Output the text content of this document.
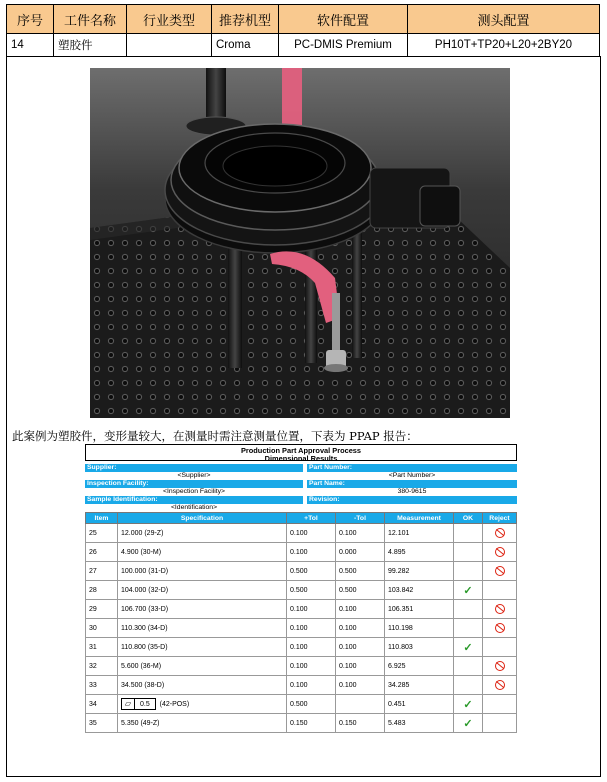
序号	工件名称	行业类型	推荐机型	软件配置	测头配置
14	塑胶件		Croma	PC-DMIS Premium	PH10T+TP20+L20+2BY20
此案例为塑胶件，变形量较大，在测量时需注意测量位置，下表为 PPAP 报告：
Production Part Approval Process
Dimensional Results

Supplier:		Part Number:
<Supplier>		<Part Number>
Inspection Facility:		Part Name:
<Inspection Facility>		380-9615
Sample Identification:		Revision:
<Identification>		
Item	Specification	+Tol	-Tol	Measurement	OK	Reject
25	12.000 (29-Z)	0.100	0.100	12.101		
26	4.900 (30-M)	0.100	0.000	4.895		
27	100.000 (31-D)	0.500	0.500	99.282		
28	104.000 (32-D)	0.500	0.500	103.842	✓	
29	106.700 (33-D)	0.100	0.100	106.351		
30	110.300 (34-D)	0.100	0.100	110.198		
31	110.800 (35-D)	0.100	0.100	110.803	✓	
32	5.600 (36-M)	0.100	0.100	6.925		
33	34.500 (38-D)	0.100	0.100	34.285		
34	▱ 0.5 (42-POS)	0.500		0.451	✓	
35	5.350 (49-Z)	0.150	0.150	5.483	✓	
